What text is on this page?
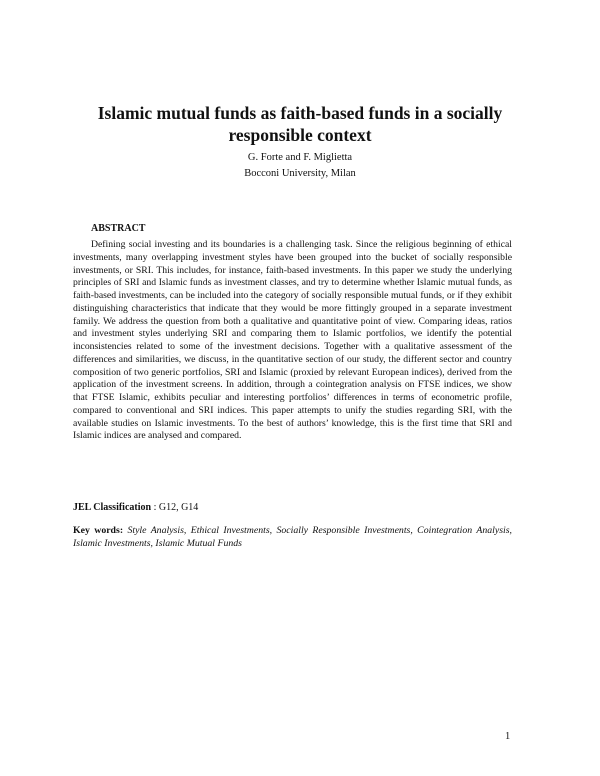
Islamic mutual funds as faith-based funds in a socially
responsible context
G. Forte and F. Miglietta
Bocconi University, Milan
ABSTRACT

Defining social investing and its boundaries is a challenging task. Since the religious beginning of ethical investments, many overlapping investment styles have been grouped into the bucket of socially responsible investments, or SRI. This includes, for instance, faith-based investments. In this paper we study the underlying principles of SRI and Islamic funds as investment classes, and try to determine whether Islamic mutual funds, as faith-based investments, can be included into the category of socially responsible mutual funds, or if they exhibit distinguishing characteristics that indicate that they would be more fittingly grouped in a separate investment family. We address the question from both a qualitative and quantitative point of view. Comparing ideas, ratios and investment styles underlying SRI and comparing them to Islamic portfolios, we identify the potential inconsistencies related to some of the investment decisions. Together with a qualitative assessment of the differences and similarities, we discuss, in the quantitative section of our study, the different sector and country composition of two generic portfolios, SRI and Islamic (proxied by relevant European indices), derived from the application of the investment screens. In addition, through a cointegration analysis on FTSE indices, we show that FTSE Islamic, exhibits peculiar and interesting portfolios’ differences in terms of econometric profile, compared to conventional and SRI indices. This paper attempts to unify the studies regarding SRI, with the available studies on Islamic investments. To the best of authors’ knowledge, this is the first time that SRI and Islamic indices are analysed and compared.

JEL Classification : G12, G14

Key words: Style Analysis, Ethical Investments, Socially Responsible Investments, Cointegration Analysis, Islamic Investments, Islamic Mutual Funds

1
